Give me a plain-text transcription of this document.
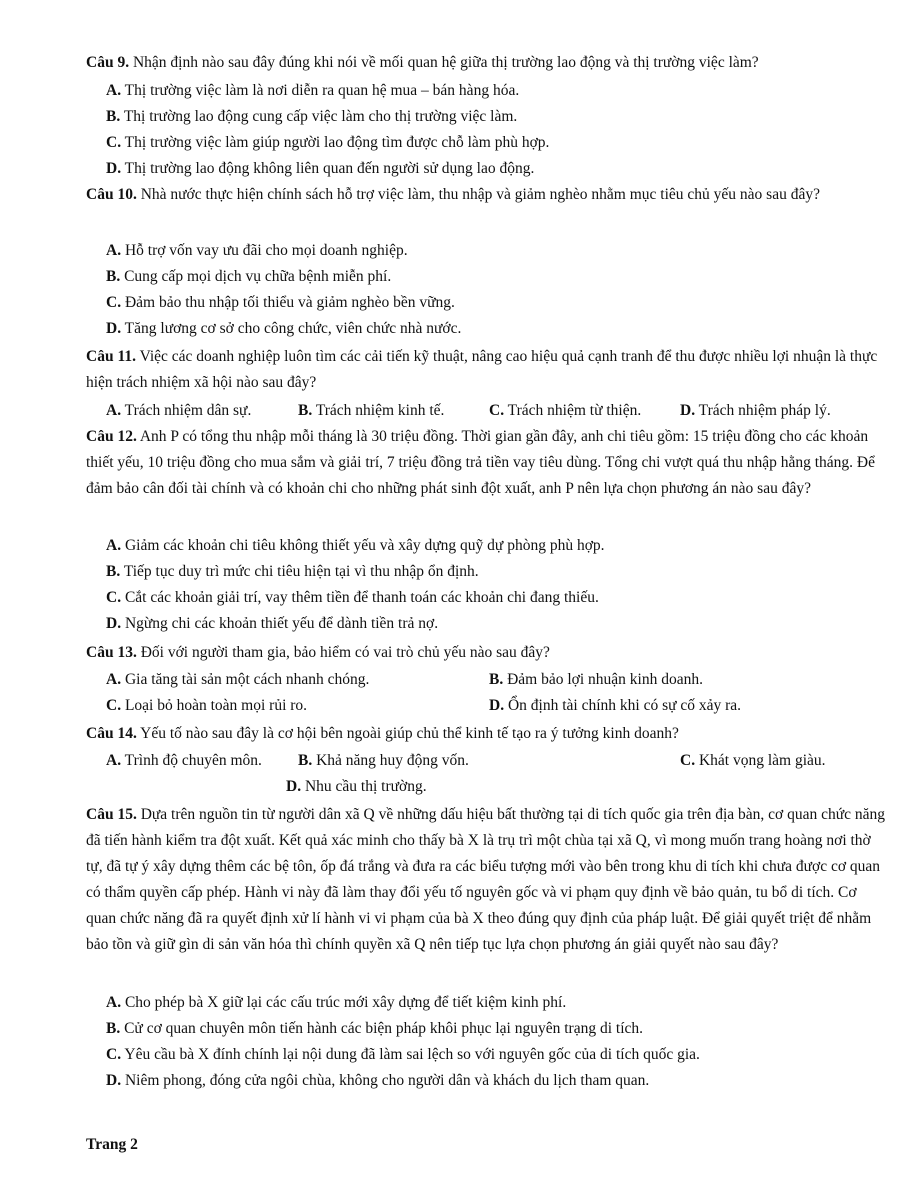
Câu 9. Nhận định nào sau đây đúng khi nói về mối quan hệ giữa thị trường lao động và thị trường việc làm?
A. Thị trường việc làm là nơi diễn ra quan hệ mua – bán hàng hóa.
B. Thị trường lao động cung cấp việc làm cho thị trường việc làm.
C. Thị trường việc làm giúp người lao động tìm được chỗ làm phù hợp.
D. Thị trường lao động không liên quan đến người sử dụng lao động.
Câu 10. Nhà nước thực hiện chính sách hỗ trợ việc làm, thu nhập và giảm nghèo nhằm mục tiêu chủ yếu nào sau đây?
A. Hỗ trợ vốn vay ưu đãi cho mọi doanh nghiệp.
B. Cung cấp mọi dịch vụ chữa bệnh miễn phí.
C. Đảm bảo thu nhập tối thiểu và giảm nghèo bền vững.
D. Tăng lương cơ sở cho công chức, viên chức nhà nước.
Câu 11. Việc các doanh nghiệp luôn tìm các cải tiến kỹ thuật, nâng cao hiệu quả cạnh tranh để thu được nhiều lợi nhuận là thực hiện trách nhiệm xã hội nào sau đây?
A. Trách nhiệm dân sự.	B. Trách nhiệm kinh tế.	C. Trách nhiệm từ thiện.	D. Trách nhiệm pháp lý.
Câu 12. Anh P có tổng thu nhập mỗi tháng là 30 triệu đồng. Thời gian gần đây, anh chi tiêu gồm: 15 triệu đồng cho các khoản thiết yếu, 10 triệu đồng cho mua sắm và giải trí, 7 triệu đồng trả tiền vay tiêu dùng. Tổng chi vượt quá thu nhập hằng tháng. Để đảm bảo cân đối tài chính và có khoản chi cho những phát sinh đột xuất, anh P nên lựa chọn phương án nào sau đây?
A. Giảm các khoản chi tiêu không thiết yếu và xây dựng quỹ dự phòng phù hợp.
B. Tiếp tục duy trì mức chi tiêu hiện tại vì thu nhập ổn định.
C. Cắt các khoản giải trí, vay thêm tiền để thanh toán các khoản chi đang thiếu.
D. Ngừng chi các khoản thiết yếu để dành tiền trả nợ.
Câu 13. Đối với người tham gia, bảo hiểm có vai trò chủ yếu nào sau đây?
A. Gia tăng tài sản một cách nhanh chóng.	B. Đảm bảo lợi nhuận kinh doanh.
C. Loại bỏ hoàn toàn mọi rủi ro.	D. Ổn định tài chính khi có sự cố xảy ra.
Câu 14. Yếu tố nào sau đây là cơ hội bên ngoài giúp chủ thể kinh tế tạo ra ý tưởng kinh doanh?
A. Trình độ chuyên môn. B. Khả năng huy động vốn.	C. Khát vọng làm giàu.
D. Nhu cầu thị trường.
Câu 15. Dựa trên nguồn tin từ người dân xã Q về những dấu hiệu bất thường tại di tích quốc gia trên địa bàn, cơ quan chức năng đã tiến hành kiểm tra đột xuất. Kết quả xác minh cho thấy bà X là trụ trì một chùa tại xã Q, vì mong muốn trang hoàng nơi thờ tự, đã tự ý xây dựng thêm các bệ tôn, ốp đá trắng và đưa ra các biểu tượng mới vào bên trong khu di tích khi chưa được cơ quan có thẩm quyền cấp phép. Hành vi này đã làm thay đổi yếu tố nguyên gốc và vi phạm quy định về bảo quản, tu bổ di tích. Cơ quan chức năng đã ra quyết định xử lí hành vi vi phạm của bà X theo đúng quy định của pháp luật. Để giải quyết triệt để nhằm bảo tồn và giữ gìn di sản văn hóa thì chính quyền xã Q nên tiếp tục lựa chọn phương án giải quyết nào sau đây?
A. Cho phép bà X giữ lại các cấu trúc mới xây dựng để tiết kiệm kinh phí.
B. Cử cơ quan chuyên môn tiến hành các biện pháp khôi phục lại nguyên trạng di tích.
C. Yêu cầu bà X đính chính lại nội dung đã làm sai lệch so với nguyên gốc của di tích quốc gia.
D. Niêm phong, đóng cửa ngôi chùa, không cho người dân và khách du lịch tham quan.
Trang 2
